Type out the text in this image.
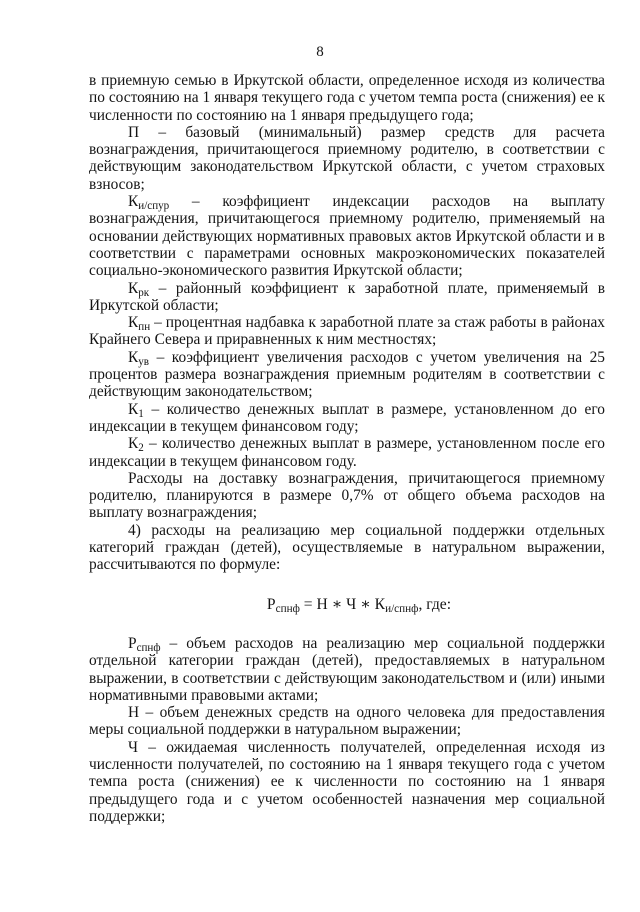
8

в приемную семью в Иркутской области, определенное исходя из количества по состоянию на 1 января текущего года с учетом темпа роста (снижения) ее к численности по состоянию на 1 января предыдущего года;

П – базовый (минимальный) размер средств для расчета вознаграждения, причитающегося приемному родителю, в соответствии с действующим законодательством Иркутской области, с учетом страховых взносов;

$К_{и/спур}$ – коэффициент индексации расходов на выплату вознаграждения, причитающегося приемному родителю, применяемый на основании действующих нормативных правовых актов Иркутской области и в соответствии с параметрами основных макроэкономических показателей социально-экономического развития Иркутской области;

$К_{рк}$ – районный коэффициент к заработной плате, применяемый в Иркутской области;

$К_{пн}$ – процентная надбавка к заработной плате за стаж работы в районах Крайнего Севера и приравненных к ним местностях;

$К_{ув}$ – коэффициент увеличения расходов с учетом увеличения на 25 процентов размера вознаграждения приемным родителям в соответствии с действующим законодательством;

$К_1$ – количество денежных выплат в размере, установленном до его индексации в текущем финансовом году;

$К_2$ – количество денежных выплат в размере, установленном после его индексации в текущем финансовом году.

Расходы на доставку вознаграждения, причитающегося приемному родителю, планируются в размере 0,7% от общего объема расходов на выплату вознаграждения;

4) расходы на реализацию мер социальной поддержки отдельных категорий граждан (детей), осуществляемые в натуральном выражении, рассчитываются по формуле:

$Р_{спнф} = Н$ ∗ Ч ∗ $К_{и/спнф}$, где:

$Р_{спнф}$ – объем расходов на реализацию мер социальной поддержки отдельной категории граждан (детей), предоставляемых в натуральном выражении, в соответствии с действующим законодательством и (или) иными нормативными правовыми актами;

Н – объем денежных средств на одного человека для предоставления меры социальной поддержки в натуральном выражении;

Ч – ожидаемая численность получателей, определенная исходя из численности получателей, по состоянию на 1 января текущего года с учетом темпа роста (снижения) ее к численности по состоянию на 1 января предыдущего года и с учетом особенностей назначения мер социальной поддержки;
